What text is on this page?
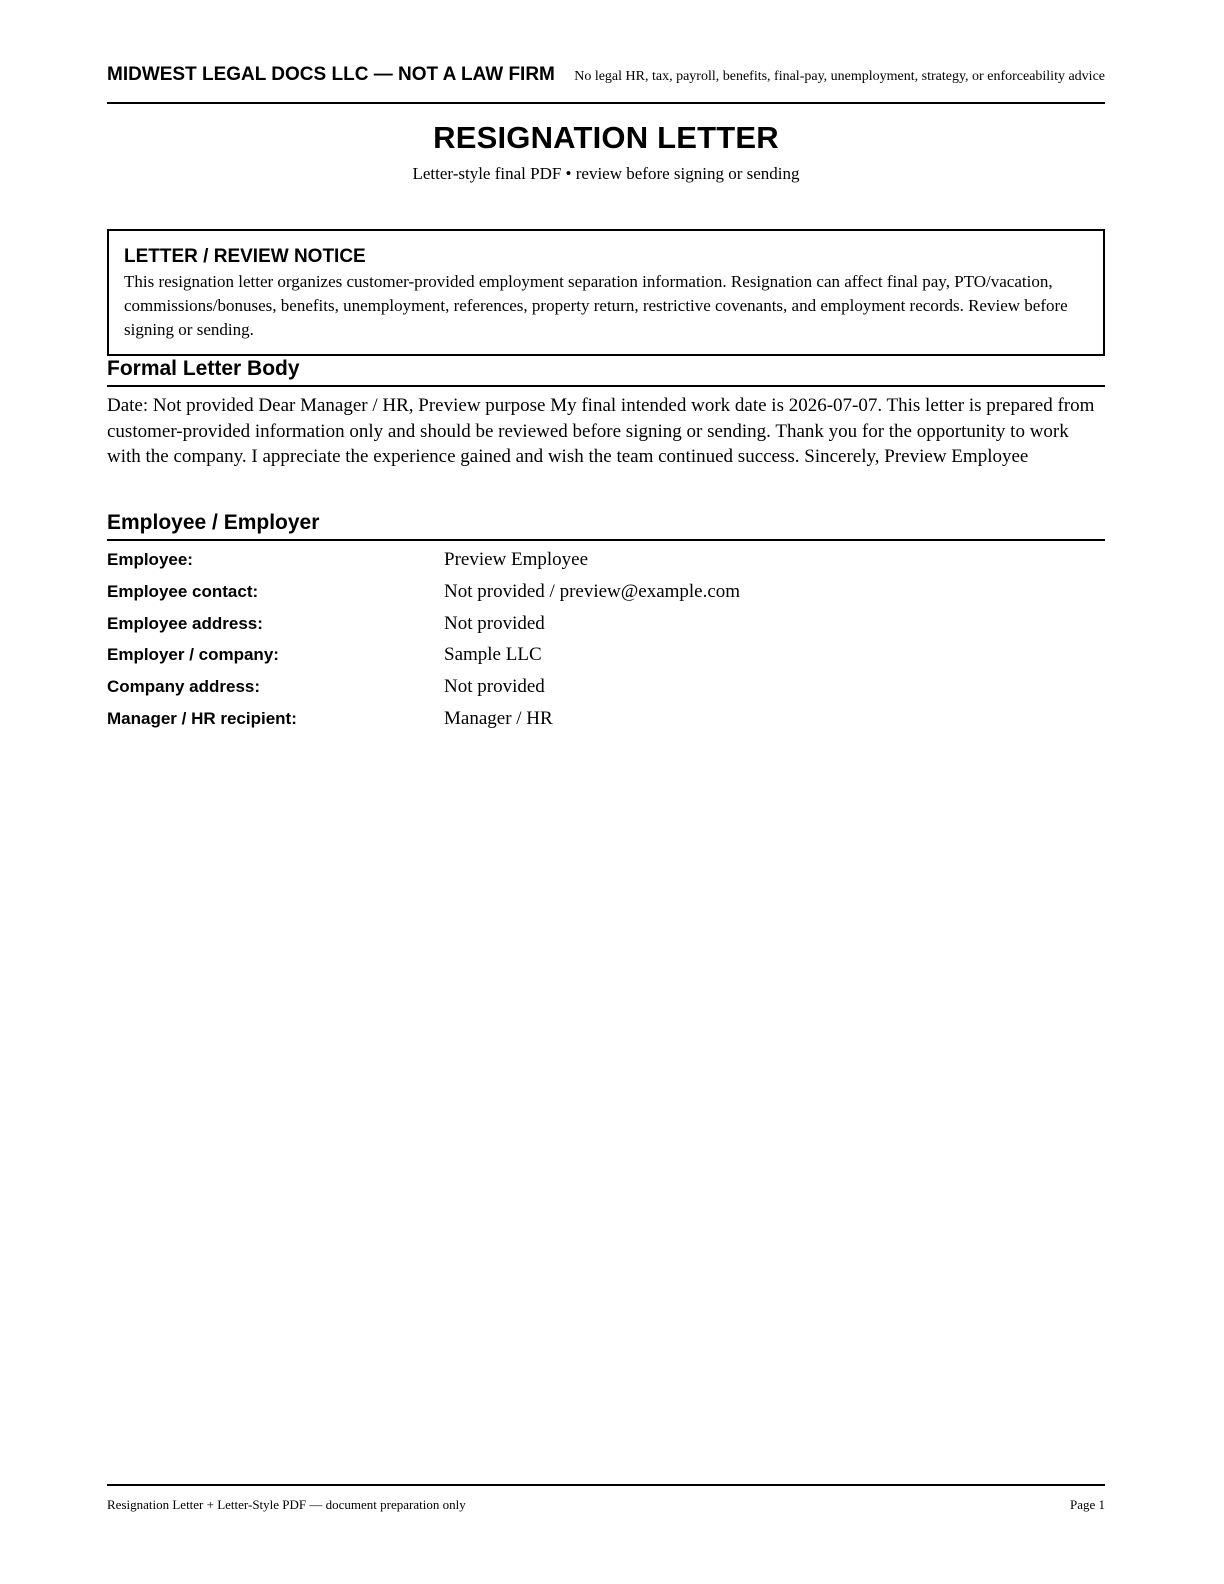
MIDWEST LEGAL DOCS LLC — NOT A LAW FIRM No legal HR, tax, payroll, benefits, final-pay, unemployment, strategy, or enforceability advice
RESIGNATION LETTER
Letter-style final PDF • review before signing or sending
LETTER / REVIEW NOTICE
This resignation letter organizes customer-provided employment separation information. Resignation can affect final pay, PTO/vacation, commissions/bonuses, benefits, unemployment, references, property return, restrictive covenants, and employment records. Review before signing or sending.
Formal Letter Body
Date: Not provided Dear Manager / HR, Preview purpose My final intended work date is 2026-07-07. This letter is prepared from customer-provided information only and should be reviewed before signing or sending. Thank you for the opportunity to work with the company. I appreciate the experience gained and wish the team continued success. Sincerely, Preview Employee
Employee / Employer
Employee:	Preview Employee
Employee contact:	Not provided / preview@example.com
Employee address:	Not provided
Employer / company:	Sample LLC
Company address:	Not provided
Manager / HR recipient:	Manager / HR
Resignation Letter + Letter-Style PDF — document preparation only	Page 1
